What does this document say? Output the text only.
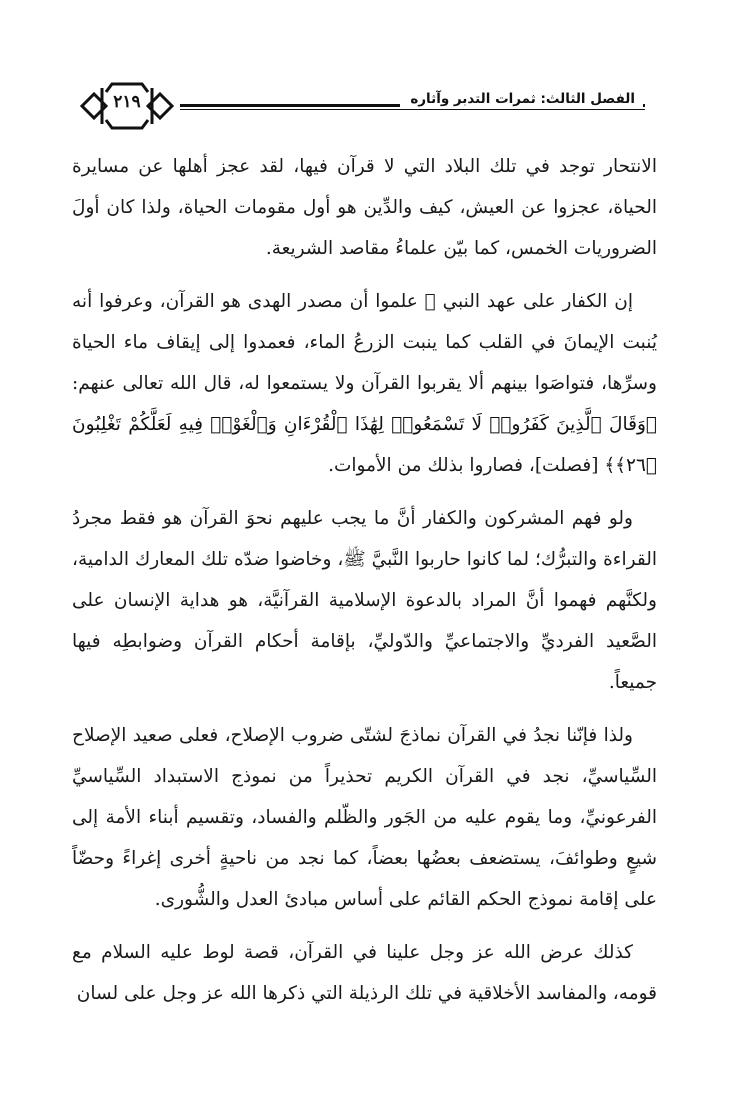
٢١٩	الفصل الثالث: ثمرات التدبر وآثاره

الانتحار توجد في تلك البلاد التي لا قرآن فيها، لقد عجز أهلها عن مسايرة الحياة، عجزوا عن العيش، كيف والدِّين هو أول مقومات الحياة، ولذا كان أولَ الضروريات الخمس، كما بيّن علماءُ مقاصد الشريعة.

إن الكفار على عهد النبي ﷺ علموا أن مصدر الهدى هو القرآن، وعرفوا أنه يُنبت الإيمانَ في القلب كما ينبت الزرعُ الماء، فعمدوا إلى إيقاف ماء الحياة وسرِّها، فتواصَوا بينهم ألا يقربوا القرآن ولا يستمعوا له، قال الله تعالى عنهم: ﴿وَقَالَ ٱلَّذِينَ كَفَرُوا۟ لَا تَسْمَعُوا۟ لِهَٰذَا ٱلْقُرْءَانِ وَٱلْغَوْا۟ فِيهِ لَعَلَّكُمْ تَغْلِبُونَ ﴿٢٦﴾﴾ [فصلت]، فصاروا بذلك من الأموات.

ولو فهم المشركون والكفار أنَّ ما يجب عليهم نحوَ القرآن هو فقط مجردُ القراءة والتبرُّك؛ لما كانوا حاربوا النَّبيَّ ﷺ، وخاضوا ضدّه تلك المعارك الدامية، ولكنَّهم فهموا أنَّ المراد بالدعوة الإسلامية القرآنيَّة، هو هداية الإنسان على الصَّعيد الفرديِّ والاجتماعيِّ والدّوليِّ، بإقامة أحكام القرآن وضوابطِه فيها جميعاً.

ولذا فإنّنا نجدُ في القرآن نماذجَ لشتّى ضروب الإصلاح، فعلى صعيد الإصلاح السِّياسيِّ، نجد في القرآن الكريم تحذيراً من نموذج الاستبداد السِّياسيِّ الفرعونيِّ، وما يقوم عليه من الجَور والظّلم والفساد، وتقسيم أبناء الأمة إلى شيعٍ وطوائفَ، يستضعف بعضُها بعضاً، كما نجد من ناحيةٍ أخرى إغراءً وحضّاً على إقامة نموذج الحكم القائم على أساس مبادئ العدل والشُّورى.

كذلك عرض الله عز وجل علينا في القرآن، قصة لوط عليه السلام مع قومه، والمفاسد الأخلاقية في تلك الرذيلة التي ذكرها الله عز وجل على لسان
